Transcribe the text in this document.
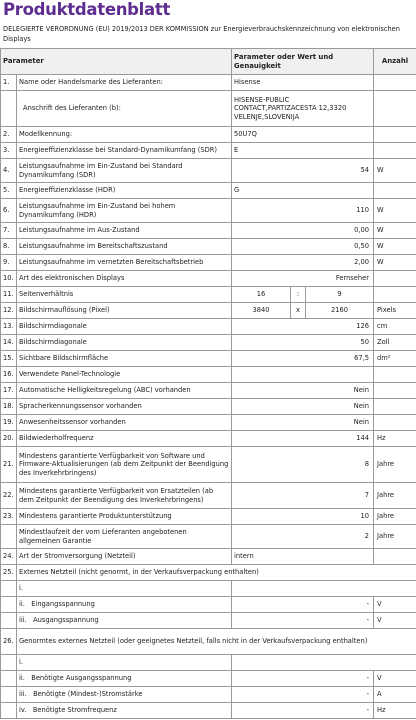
Produktdatenblatt
DELEGIERTE VERORDNUNG (EU) 2019/2013 DER KOMMISSION zur Energieverbrauchskennzeichnung von elektronischen Displays
Parameter		Parameter oder Wert und Genauigkeit			Anzahl
1.	Name oder Handelsmarke des Lieferanten:	Hisense			
	Anschrift des Lieferanten (b):	HISENSE-PUBLIC CONTACT,PARTIZACESTA 12,3320 VELENJE,SLOVENIJA			
2.	Modellkennung:	50U7Q			
3.	Energieeffizienzklasse bei Standard-Dynamikumfang (SDR)	E			
4.	Leistungsaufnahme im Ein-Zustand bei Standard Dynamikumfang (SDR)	54			W
5.	Energieeffizienzklasse (HDR)	G			
6.	Leistungsaufnahme im Ein-Zustand bei hohem Dynamikumfang (HDR)	110			W
7.	Leistungsaufnahme im Aus-Zustand	0,00			W
8.	Leistungsaufnahme im Bereitschaftszustand	0,50			W
9.	Leistungsaufnahme im vernetzten Bereitschaftsbetrieb	2,00			W
10.	Art des elektronischen Displays	Fernseher			
11.	Seitenverhältnis	16	:	9	
12.	Bildschirmauflösung (Pixel)	3840	x	2160	Pixels
13.	Bildschirmdiagonale	126			cm
14.	Bildschirmdiagonale	50			Zoll
15.	Sichtbare Bildschirmfläche	67,5			dm²
16.	Verwendete Panel-Technologie				
17.	Automatische Helligkeitsregelung (ABC) vorhanden	Nein			
18.	Spracherkennungssensor vorhanden	Nein			
19.	Anwesenheitssensor vorhanden	Nein			
20.	Bildwiederholfrequenz	144			Hz
21.	Mindestens garantierte Verfügbarkeit von Software und Firmware-Aktualisierungen (ab dem Zeitpunkt der Beendigung des Inverkehrbringens)	8			Jahre
22.	Mindestens garantierte Verfügbarkeit von Ersatzteilen (ab dem Zeitpunkt der Beendigung des Inverkehrbringens)	7			Jahre
23.	Mindestens garantierte Produktunterstützung	10			Jahre
	Mindestlaufzeit der vom Lieferanten angebotenen allgemeinen Garantie	2			Jahre
24.	Art der Stromversorgung (Netzteil)	intern			
25.	Externes Netzteil (nicht genormt, in der Verkaufsverpackung enthalten)				
	i.				
	ii. Eingangsspannung	-			V
	iii. Ausgangsspannung	-			V
26.	Genormtes externes Netzteil (oder geeignetes Netzteil, falls nicht in der Verkaufsverpackung enthalten)				
	i.				
	ii. Benötigte Ausgangsspannung	-			V
	iii. Benötigte (Mindest-)Stromstärke	-			A
	iv. Benötigte Stromfrequenz	-			Hz
